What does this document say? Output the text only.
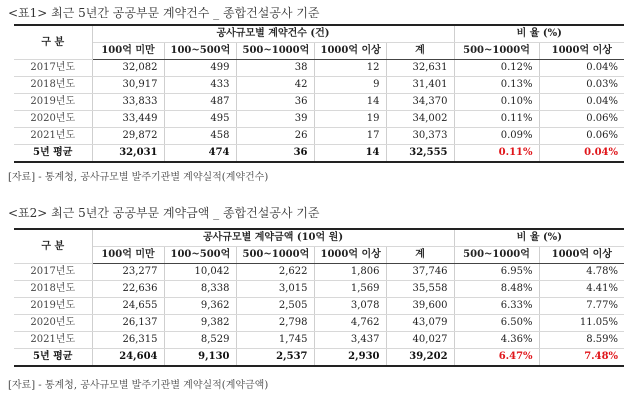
<표1> 최근 5년간 공공부문 계약건수 _ 종합건설공사 기준
구 분	공사규모별 계약건수 (건)					비 율 (%)	
	100억 미만	100~500억	500~1000억	1000억 이상	계	500~1000억	1000억 이상
2017년도	32,082	499	38	12	32,631	0.12%	0.04%
2018년도	30,917	433	42	9	31,401	0.13%	0.03%
2019년도	33,833	487	36	14	34,370	0.10%	0.04%
2020년도	33,449	495	39	19	34,002	0.11%	0.06%
2021년도	29,872	458	26	17	30,373	0.09%	0.06%
5년 평균	32,031	474	36	14	32,555	0.11%	0.04%
[자료] - 통계청, 공사규모별 발주기관별 계약실적(계약건수)
<표2> 최근 5년간 공공부문 계약금액 _ 종합건설공사 기준
구 분	공사규모별 계약금액 (10억 원)					비 율 (%)	
	100억 미만	100~500억	500~1000억	1000억 이상	계	500~1000억	1000억 이상
2017년도	23,277	10,042	2,622	1,806	37,746	6.95%	4.78%
2018년도	22,636	8,338	3,015	1,569	35,558	8.48%	4.41%
2019년도	24,655	9,362	2,505	3,078	39,600	6.33%	7.77%
2020년도	26,137	9,382	2,798	4,762	43,079	6.50%	11.05%
2021년도	26,315	8,529	1,745	3,437	40,027	4.36%	8.59%
5년 평균	24,604	9,130	2,537	2,930	39,202	6.47%	7.48%
[자료] - 통계청, 공사규모별 발주기관별 계약실적(계약금액)
